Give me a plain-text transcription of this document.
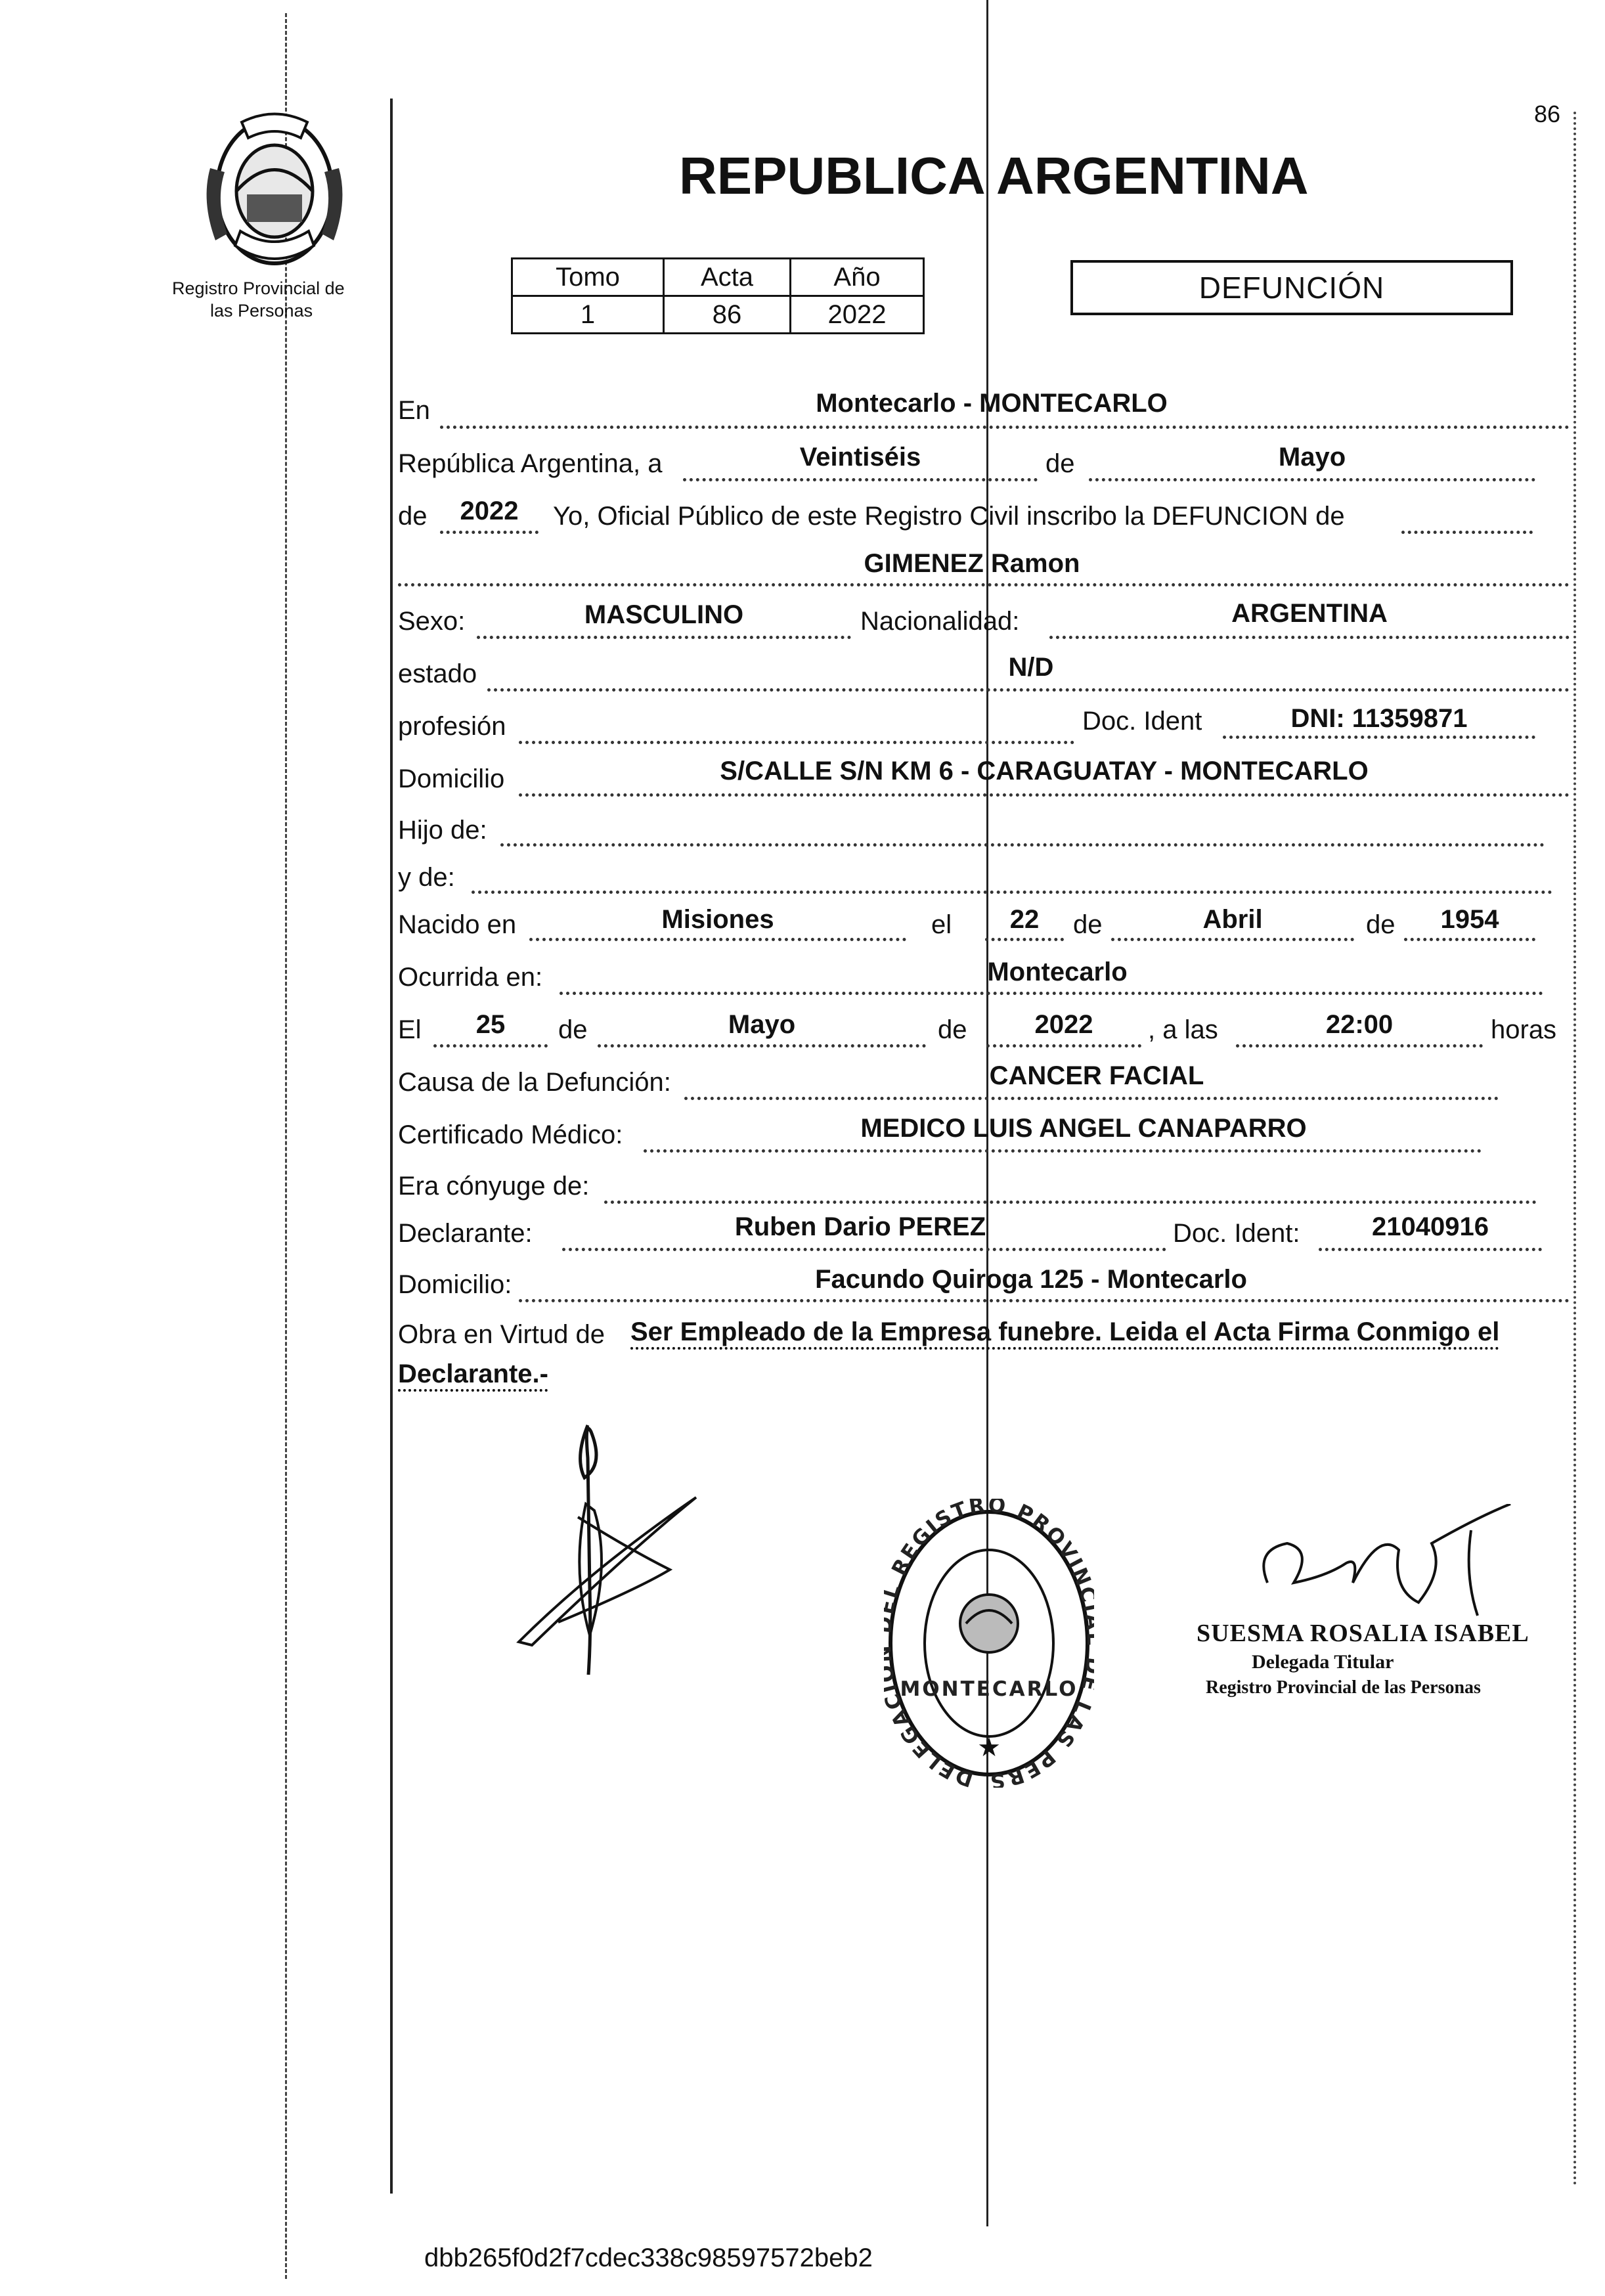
Registro Provincial de
las Personas
86
REPUBLICA ARGENTINA
Tomo	Acta	Año
1	86	2022
DEFUNCIÓN
En	Montecarlo - MONTECARLO
República Argentina, a	Veintiséis	de	Mayo
de	2022	Yo, Oficial Público de este Registro Civil inscribo la DEFUNCION de
GIMENEZ Ramon
Sexo:	MASCULINO	Nacionalidad:	ARGENTINA
estado	N/D
profesión	Doc. Ident	DNI: 11359871
Domicilio	S/CALLE S/N KM 6 - CARAGUATAY - MONTECARLO
Hijo de:
y de:
Nacido en	Misiones	el	22	de	Abril	de	1954
Ocurrida en:	Montecarlo
El	25	de	Mayo	de	2022	, a las	22:00	horas
Causa de la Defunción:	CANCER FACIAL
Certificado Médico:	MEDICO LUIS ANGEL CANAPARRO
Era cónyuge de:
Declarante:	Ruben Dario PEREZ	Doc. Ident:	21040916
Domicilio:	Facundo Quiroga 125 - Montecarlo
Obra en Virtud de Ser Empleado de la Empresa funebre. Leida el Acta Firma Conmigo el
Declarante.-
DELEGA REGISTRO PROVIN LAS PERS
MONTECARLO
★
SUESMA ROSALIA ISABEL
Delegada Titular
Registro Provincial de las Personas
dbb265f0d2f7cdec338c98597572beb2
